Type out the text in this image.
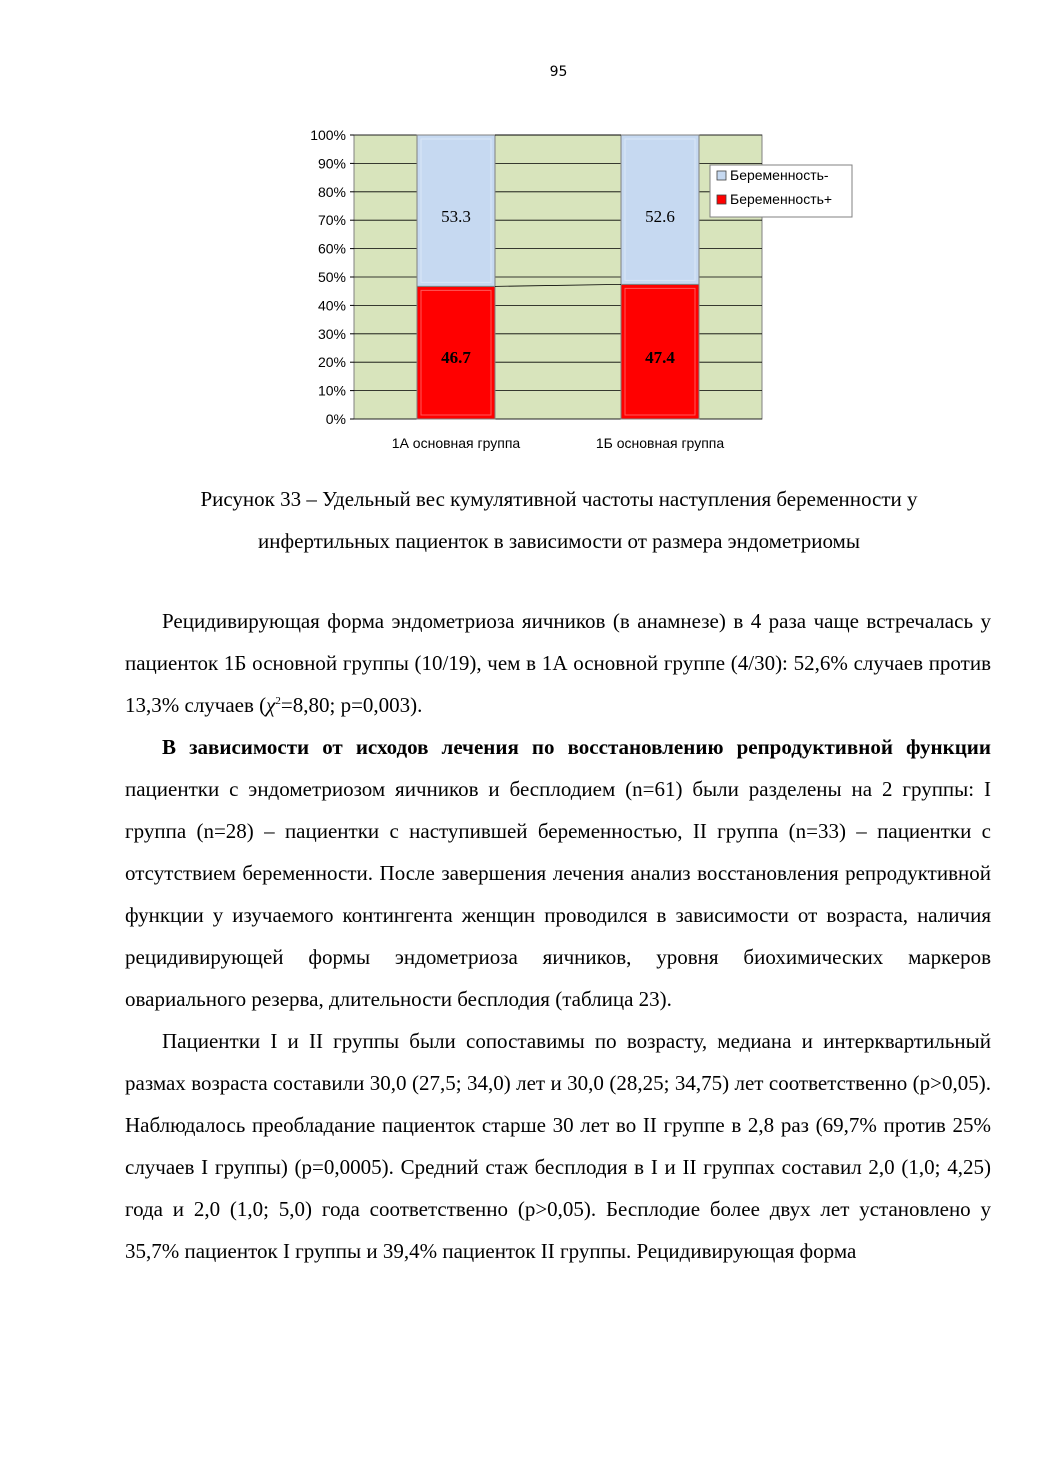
95
0%
10%
20%
30%
40%
50%
60%
70%
80%
90%
100%
46.7
53.3
1А основная группа
47.4
52.6
1Б основная группа
Беременность-
Беременность+
Рисунок 33 – Удельный вес кумулятивной частоты наступления беременности у
инфертильных пациенток в зависимости от размера эндометриомы

Рецидивирующая форма эндометриоза яичников (в анамнезе) в 4 раза чаще встречалась у пациенток 1Б основной группы (10/19), чем в 1А основной группе (4/30): 52,6% случаев против 13,3% случаев ($\chi^2=8,80$; p=0,003).

В зависимости от исходов лечения по восстановлению репродуктивной функции пациентки с эндометриозом яичников и бесплодием (n=61) были разделены на 2 группы: I группа (n=28) – пациентки с наступившей беременностью, II группа (n=33) – пациентки с отсутствием беременности. После завершения лечения анализ восстановления репродуктивной функции у изучаемого контингента женщин проводился в зависимости от возраста, наличия рецидивирующей формы эндометриоза яичников, уровня биохимических маркеров овариального резерва, длительности бесплодия (таблица 23).

Пациентки I и II группы были сопоставимы по возрасту, медиана и интерквартильный размах возраста составили 30,0 (27,5; 34,0) лет и 30,0 (28,25; 34,75) лет соответственно (p>0,05). Наблюдалось преобладание пациенток старше 30 лет во II группе в 2,8 раз (69,7% против 25% случаев I группы) (p=0,0005). Средний стаж бесплодия в I и II группах составил 2,0 (1,0; 4,25) года и 2,0 (1,0; 5,0) года соответственно (p>0,05). Бесплодие более двух лет установлено у 35,7% пациенток I группы и 39,4% пациенток II группы. Рецидивирующая форма
